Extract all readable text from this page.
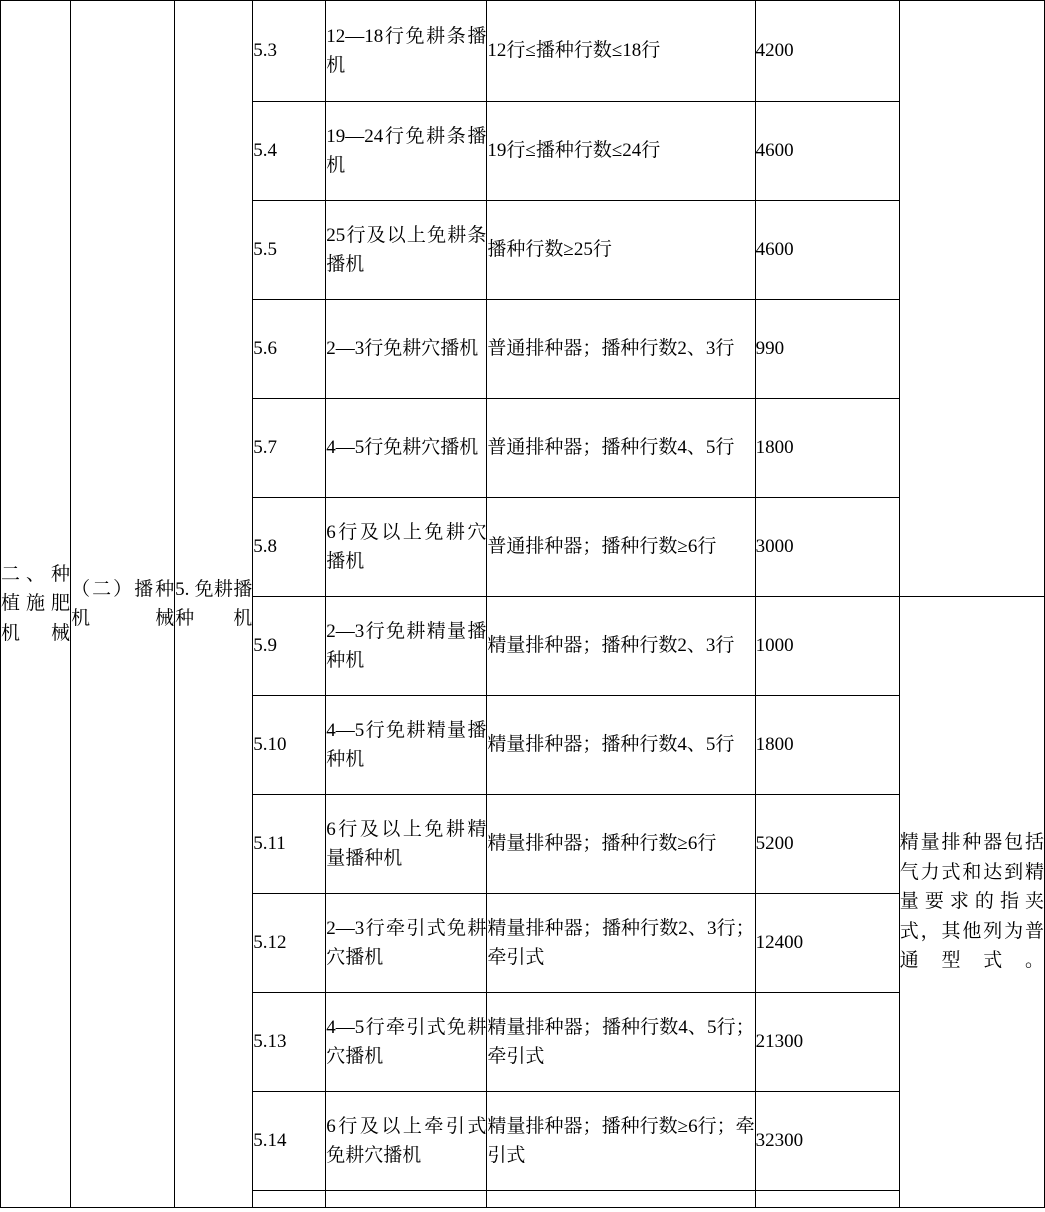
二、种植施肥机械	（二）播种机械	5. 免耕播种机	5.3	12—18行免耕条播机	12行≤播种行数≤18行	4200	
			5.4	19—24行免耕条播机	19行≤播种行数≤24行	4600	
			5.5	25行及以上免耕条播机	播种行数≥25行	4600	
			5.6	2—3行免耕穴播机	普通排种器；播种行数2、3行	990	
			5.7	4—5行免耕穴播机	普通排种器；播种行数4、5行	1800	
			5.8	6行及以上免耕穴播机	普通排种器；播种行数≥6行	3000	
			5.9	2—3行免耕精量播种机	精量排种器；播种行数2、3行	1000	精量排种器包括气力式和达到精量要求的指夹式，其他列为普通型式。
			5.10	4—5行免耕精量播种机	精量排种器；播种行数4、5行	1800	
			5.11	6行及以上免耕精量播种机	精量排种器；播种行数≥6行	5200	
			5.12	2—3行牵引式免耕穴播机	精量排种器；播种行数2、3行；牵引式	12400	
			5.13	4—5行牵引式免耕穴播机	精量排种器；播种行数4、5行；牵引式	21300	
			5.14	6行及以上牵引式免耕穴播机	精量排种器；播种行数≥6行；牵引式	32300	
